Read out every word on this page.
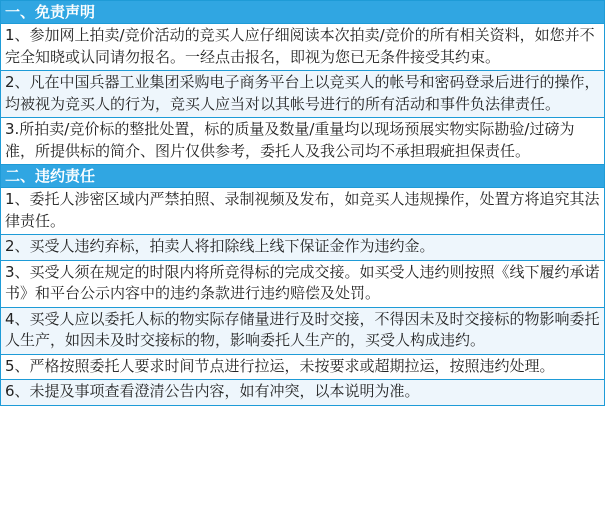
一、免责声明

1、参加网上拍卖/竞价活动的竞买人应仔细阅读本次拍卖/竞价的所有相关资料，如您并不完全知晓或认同请勿报名。一经点击报名，即视为您已无条件接受其约束。

2、凡在中国兵器工业集团采购电子商务平台上以竞买人的帐号和密码登录后进行的操作，均被视为竞买人的行为，竞买人应当对以其帐号进行的所有活动和事件负法律责任。

3.所拍卖/竞价标的整批处置，标的质量及数量/重量均以现场预展实物实际勘验/过磅为准，所提供标的简介、图片仅供参考，委托人及我公司均不承担瑕疵担保责任。

二、违约责任

1、委托人涉密区域内严禁拍照、录制视频及发布，如竞买人违规操作，处置方将追究其法律责任。

2、买受人违约弃标，拍卖人将扣除线上线下保证金作为违约金。

3、买受人须在规定的时限内将所竞得标的完成交接。如买受人违约则按照《线下履约承诺书》和平台公示内容中的违约条款进行违约赔偿及处罚。

4、买受人应以委托人标的物实际存储量进行及时交接，不得因未及时交接标的物影响委托人生产，如因未及时交接标的物，影响委托人生产的，买受人构成违约。

5、严格按照委托人要求时间节点进行拉运，未按要求或超期拉运，按照违约处理。

6、未提及事项查看澄清公告内容，如有冲突，以本说明为准。
